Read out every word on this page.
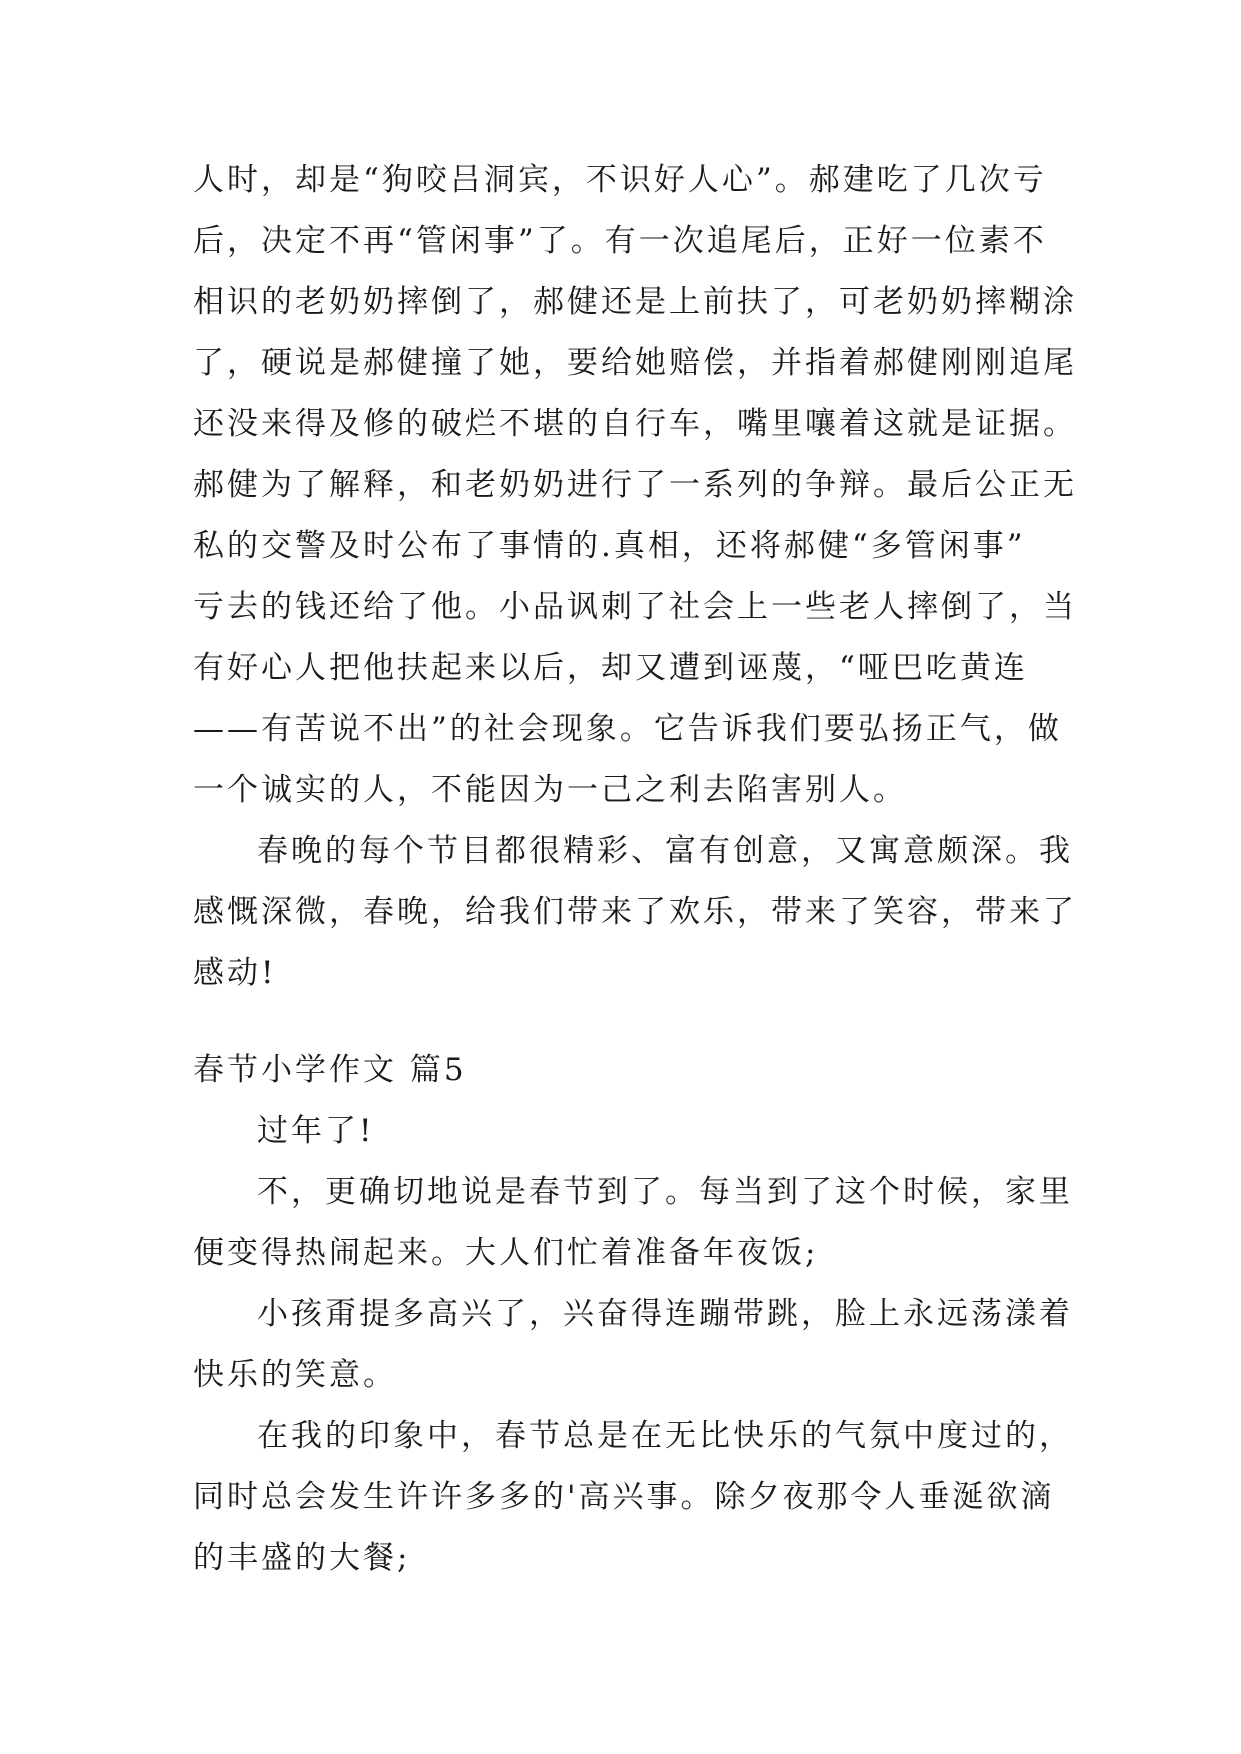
人时，却是“狗咬吕洞宾，不识好人心”。郝建吃了几次亏
后，决定不再“管闲事”了。有一次追尾后，正好一位素不
相识的老奶奶摔倒了，郝健还是上前扶了，可老奶奶摔糊涂
了，硬说是郝健撞了她，要给她赔偿，并指着郝健刚刚追尾
还没来得及修的破烂不堪的自行车，嘴里嚷着这就是证据。
郝健为了解释，和老奶奶进行了一系列的争辩。最后公正无
私的交警及时公布了事情的.真相，还将郝健“多管闲事”
亏去的钱还给了他。小品讽刺了社会上一些老人摔倒了，当
有好心人把他扶起来以后，却又遭到诬蔑，“哑巴吃黄连
——有苦说不出”的社会现象。它告诉我们要弘扬正气，做
一个诚实的人，不能因为一己之利去陷害别人。
春晚的每个节目都很精彩、富有创意，又寓意颇深。我
感慨深微，春晚，给我们带来了欢乐，带来了笑容，带来了
感动!
春节小学作文 篇5
过年了!
不，更确切地说是春节到了。每当到了这个时候，家里
便变得热闹起来。大人们忙着准备年夜饭;
小孩甭提多高兴了，兴奋得连蹦带跳，脸上永远荡漾着
快乐的笑意。
在我的印象中，春节总是在无比快乐的气氛中度过的，
同时总会发生许许多多的'高兴事。除夕夜那令人垂涎欲滴
的丰盛的大餐;
